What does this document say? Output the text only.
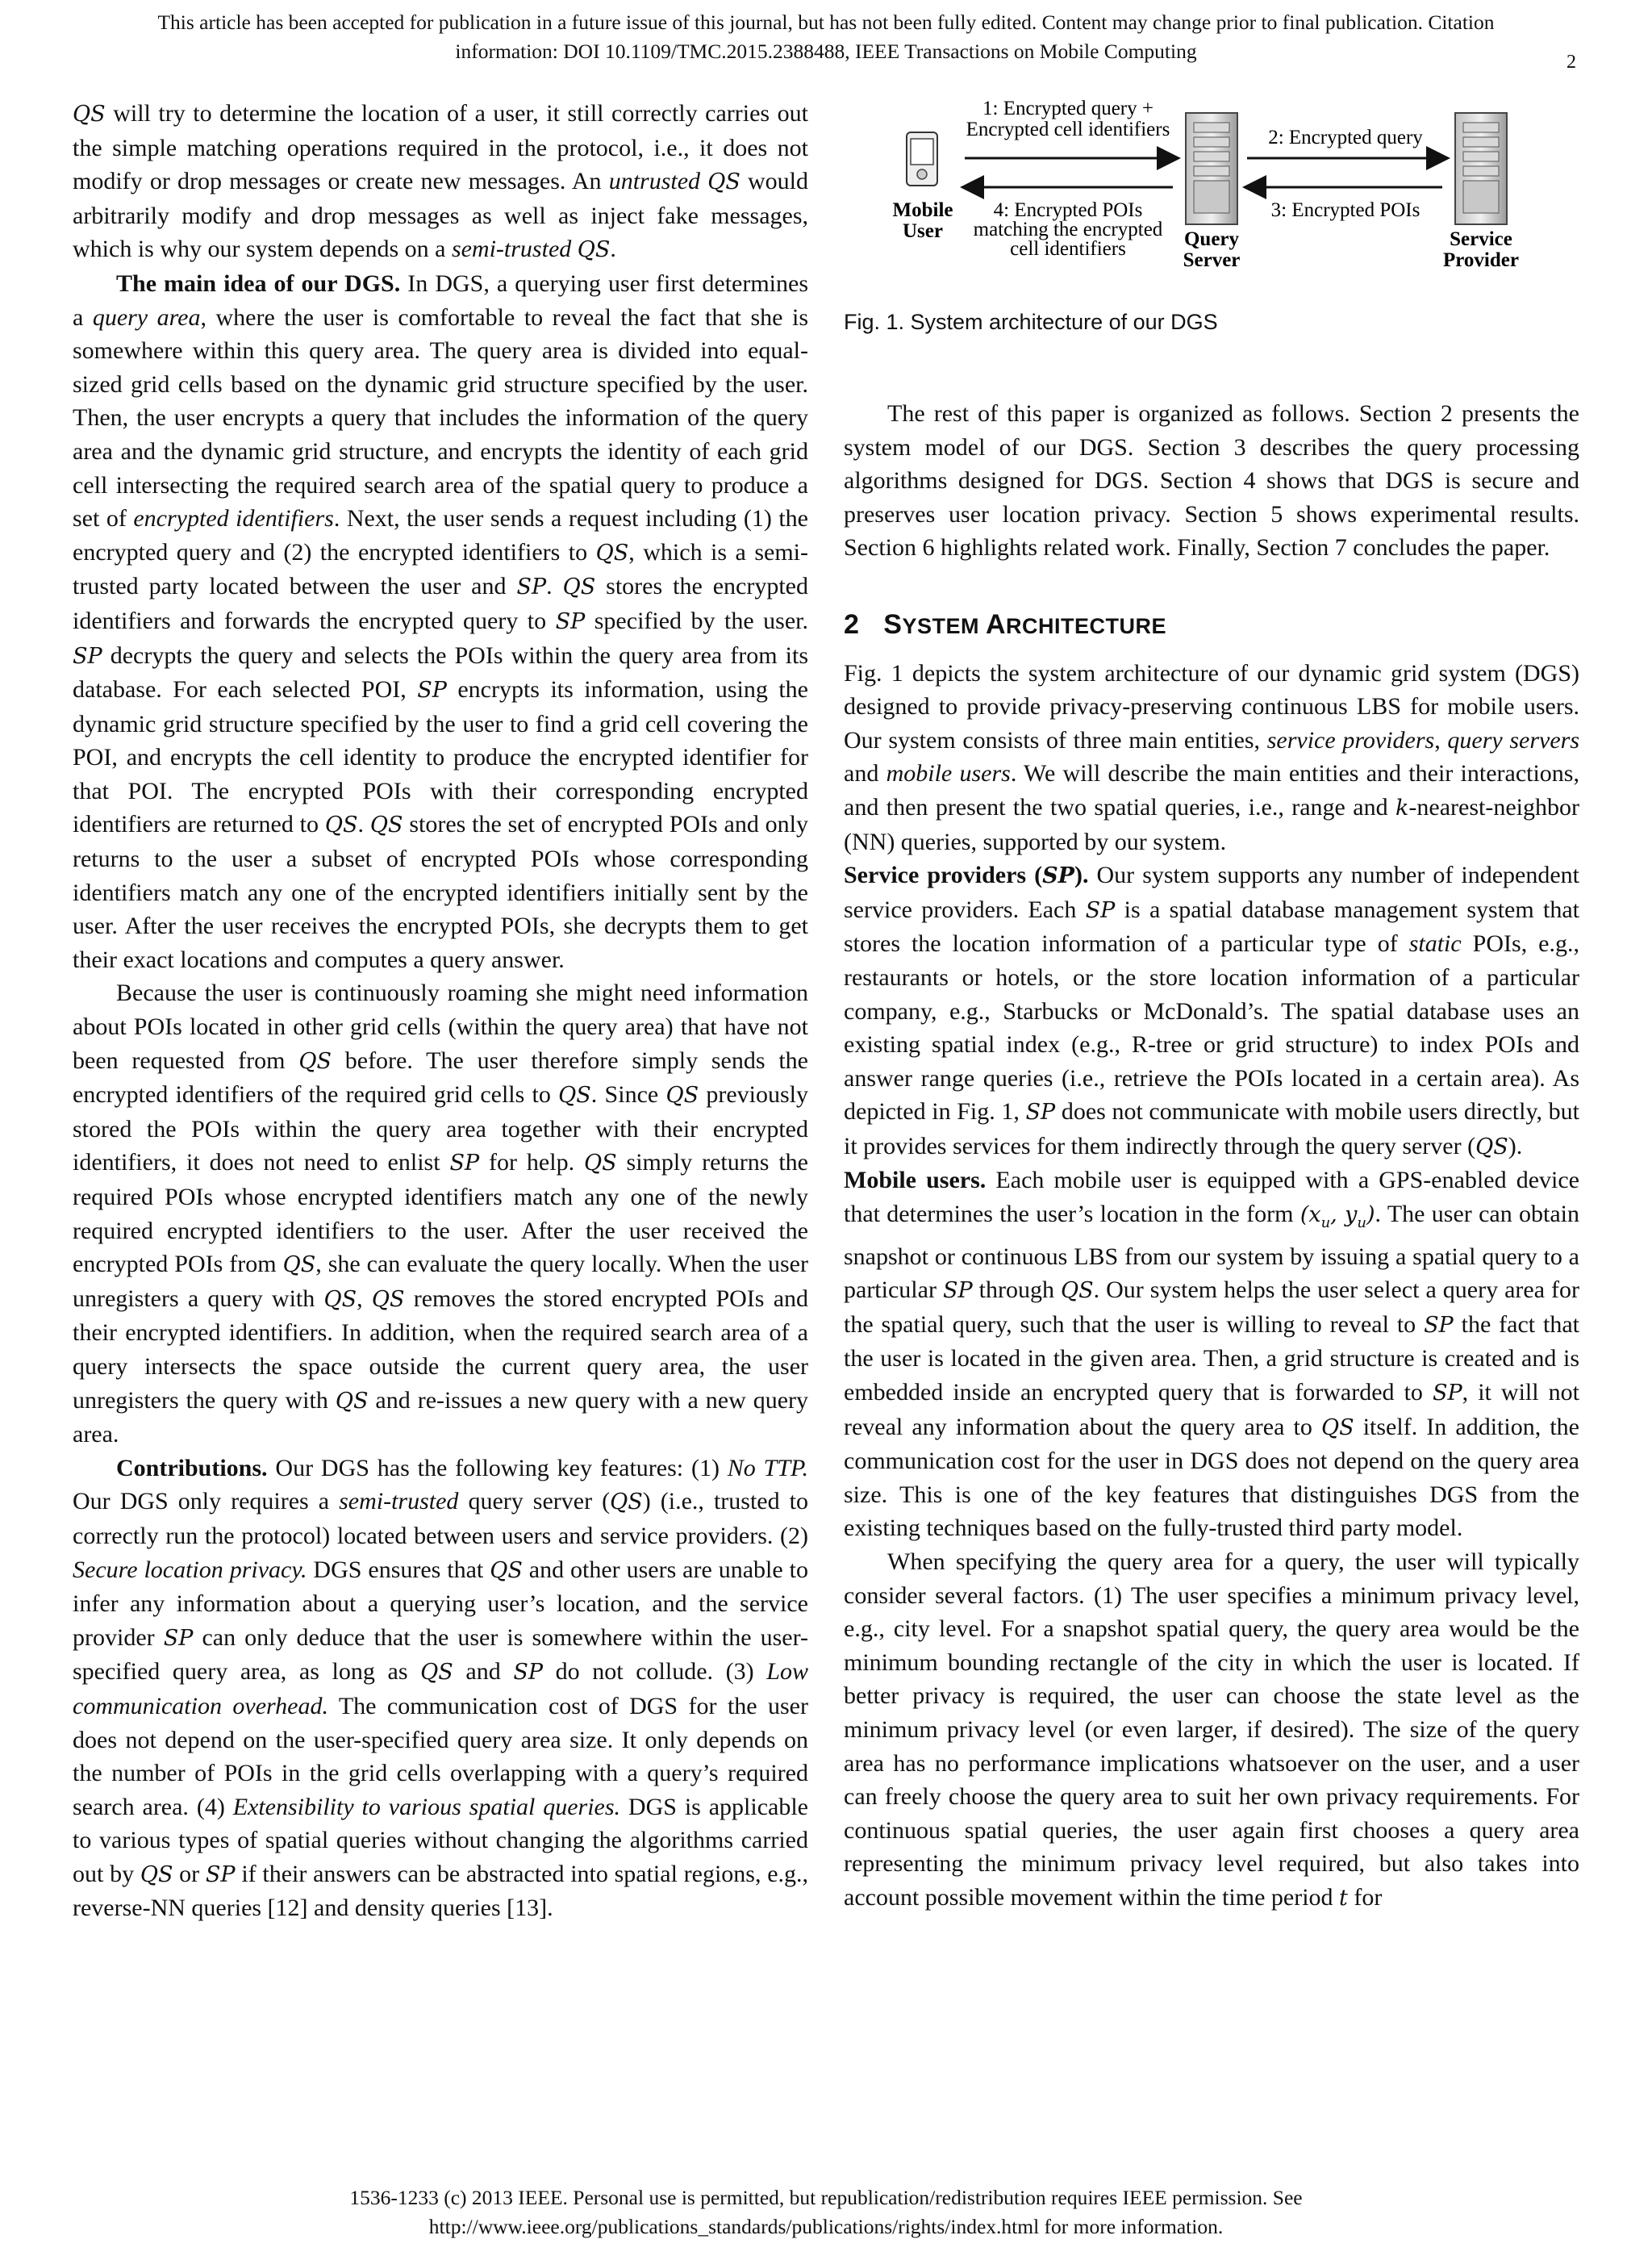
This article has been accepted for publication in a future issue of this journal, but has not been fully edited. Content may change prior to final publication. Citation
information: DOI 10.1109/TMC.2015.2388488, IEEE Transactions on Mobile Computing	2

QS will try to determine the location of a user, it still correctly carries out the simple matching operations required in the protocol, i.e., it does not modify or drop messages or create new messages. An untrusted QS would arbitrarily modify and drop messages as well as inject fake messages, which is why our system depends on a semi-trusted QS.

The main idea of our DGS. In DGS, a querying user first determines a query area, where the user is comfortable to reveal the fact that she is somewhere within this query area. The query area is divided into equal-sized grid cells based on the dynamic grid structure specified by the user. Then, the user encrypts a query that includes the information of the query area and the dynamic grid structure, and encrypts the identity of each grid cell intersecting the required search area of the spatial query to produce a set of encrypted identifiers. Next, the user sends a request including (1) the encrypted query and (2) the encrypted identifiers to QS, which is a semi-trusted party located between the user and SP. QS stores the encrypted identifiers and forwards the encrypted query to SP specified by the user. SP decrypts the query and selects the POIs within the query area from its database. For each selected POI, SP encrypts its information, using the dynamic grid structure specified by the user to find a grid cell covering the POI, and encrypts the cell identity to produce the encrypted identifier for that POI. The encrypted POIs with their corresponding encrypted identifiers are returned to QS. QS stores the set of encrypted POIs and only returns to the user a subset of encrypted POIs whose corresponding identifiers match any one of the encrypted identifiers initially sent by the user. After the user receives the encrypted POIs, she decrypts them to get their exact locations and computes a query answer.

Because the user is continuously roaming she might need information about POIs located in other grid cells (within the query area) that have not been requested from QS before. The user therefore simply sends the encrypted identifiers of the required grid cells to QS. Since QS previously stored the POIs within the query area together with their encrypted identifiers, it does not need to enlist SP for help. QS simply returns the required POIs whose encrypted identifiers match any one of the newly required encrypted identifiers to the user. After the user received the encrypted POIs from QS, she can evaluate the query locally. When the user unregisters a query with QS, QS removes the stored encrypted POIs and their encrypted identifiers. In addition, when the required search area of a query intersects the space outside the current query area, the user unregisters the query with QS and re-issues a new query with a new query area.

Contributions. Our DGS has the following key features: (1) No TTP. Our DGS only requires a semi-trusted query server (QS) (i.e., trusted to correctly run the protocol) located between users and service providers. (2) Secure location privacy. DGS ensures that QS and other users are unable to infer any information about a querying user’s location, and the service provider SP can only deduce that the user is somewhere within the user-specified query area, as long as QS and SP do not collude. (3) Low communication overhead. The communication cost of DGS for the user does not depend on the user-specified query area size. It only depends on the number of POIs in the grid cells overlapping with a query’s required search area. (4) Extensibility to various spatial queries. DGS is applicable to various types of spatial queries without changing the algorithms carried out by QS or SP if their answers can be abstracted into spatial regions, e.g., reverse-NN queries [12] and density queries [13].

Mobile
User	Query
Server
Service
Provider
1: Encrypted query +
Encrypted cell identifiers	2: Encrypted query
3: Encrypted POIs
4: Encrypted POIs
matching the encrypted
cell identifiers
Fig. 1. System architecture of our DGS

The rest of this paper is organized as follows. Section 2 presents the system model of our DGS. Section 3 describes the query processing algorithms designed for DGS. Section 4 shows that DGS is secure and preserves user location privacy. Section 5 shows experimental results. Section 6 highlights related work. Finally, Section 7 concludes the paper.

2 SYSTEM ARCHITECTURE

Fig. 1 depicts the system architecture of our dynamic grid system (DGS) designed to provide privacy-preserving continuous LBS for mobile users. Our system consists of three main entities, service providers, query servers and mobile users. We will describe the main entities and their interactions, and then present the two spatial queries, i.e., range and k-nearest-neighbor (NN) queries, supported by our system.

Service providers (SP). Our system supports any number of independent service providers. Each SP is a spatial database management system that stores the location information of a particular type of static POIs, e.g., restaurants or hotels, or the store location information of a particular company, e.g., Starbucks or McDonald’s. The spatial database uses an existing spatial index (e.g., R-tree or grid structure) to index POIs and answer range queries (i.e., retrieve the POIs located in a certain area). As depicted in Fig. 1, SP does not communicate with mobile users directly, but it provides services for them indirectly through the query server (QS).

Mobile users. Each mobile user is equipped with a GPS-enabled device that determines the user’s location in the form ($x_u$, $y_u$). The user can obtain snapshot or continuous LBS from our system by issuing a spatial query to a particular SP through QS. Our system helps the user select a query area for the spatial query, such that the user is willing to reveal to SP the fact that the user is located in the given area. Then, a grid structure is created and is embedded inside an encrypted query that is forwarded to SP, it will not reveal any information about the query area to QS itself. In addition, the communication cost for the user in DGS does not depend on the query area size. This is one of the key features that distinguishes DGS from the existing techniques based on the fully-trusted third party model.

When specifying the query area for a query, the user will typically consider several factors. (1) The user specifies a minimum privacy level, e.g., city level. For a snapshot spatial query, the query area would be the minimum bounding rectangle of the city in which the user is located. If better privacy is required, the user can choose the state level as the minimum privacy level (or even larger, if desired). The size of the query area has no performance implications whatsoever on the user, and a user can freely choose the query area to suit her own privacy requirements. For continuous spatial queries, the user again first chooses a query area representing the minimum privacy level required, but also takes into account possible movement within the time period t for

1536-1233 (c) 2013 IEEE. Personal use is permitted, but republication/redistribution requires IEEE permission. See
http://www.ieee.org/publications_standards/publications/rights/index.html for more information.
